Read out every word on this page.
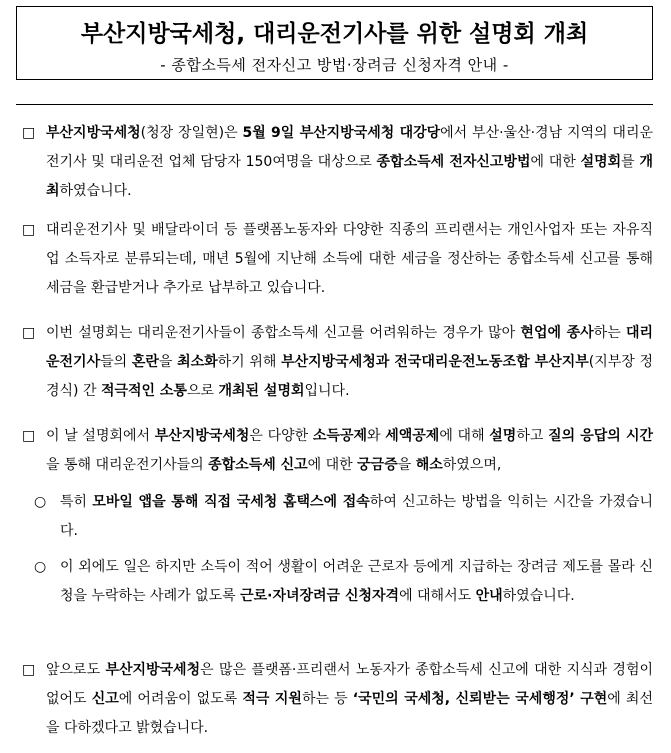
부산지방국세청, 대리운전기사를 위한 설명회 개최
- 종합소득세 전자신고 방법·장려금 신청자격 안내 -
□ 부산지방국세청(청장 장일현)은 5월 9일 부산지방국세청 대강당에서 부산·울산·경남 지역의 대리운전기사 및 대리운전 업체 담당자 150여명을 대상으로 종합소득세 전자신고방법에 대한 설명회를 개최하였습니다.
□ 대리운전기사 및 배달라이더 등 플랫폼노동자와 다양한 직종의 프리랜서는 개인사업자 또는 자유직업 소득자로 분류되는데, 매년 5월에 지난해 소득에 대한 세금을 정산하는 종합소득세 신고를 통해 세금을 환급받거나 추가로 납부하고 있습니다.
□ 이번 설명회는 대리운전기사들이 종합소득세 신고를 어려워하는 경우가 많아 현업에 종사하는 대리운전기사들의 혼란을 최소화하기 위해 부산지방국세청과 전국대리운전노동조합 부산지부(지부장 정경식) 간 적극적인 소통으로 개최된 설명회입니다.
□ 이 날 설명회에서 부산지방국세청은 다양한 소득공제와 세액공제에 대해 설명하고 질의 응답의 시간을 통해 대리운전기사들의 종합소득세 신고에 대한 궁금증을 해소하였으며,
○ 특히 모바일 앱을 통해 직접 국세청 홈택스에 접속하여 신고하는 방법을 익히는 시간을 가졌습니다.
○ 이 외에도 일은 하지만 소득이 적어 생활이 어려운 근로자 등에게 지급하는 장려금 제도를 몰라 신청을 누락하는 사례가 없도록 근로·자녀장려금 신청자격에 대해서도 안내하였습니다.
□ 앞으로도 부산지방국세청은 많은 플랫폼·프리랜서 노동자가 종합소득세 신고에 대한 지식과 경험이 없어도 신고에 어려움이 없도록 적극 지원하는 등 ‘국민의 국세청, 신뢰받는 국세행정’ 구현에 최선을 다하겠다고 밝혔습니다.
